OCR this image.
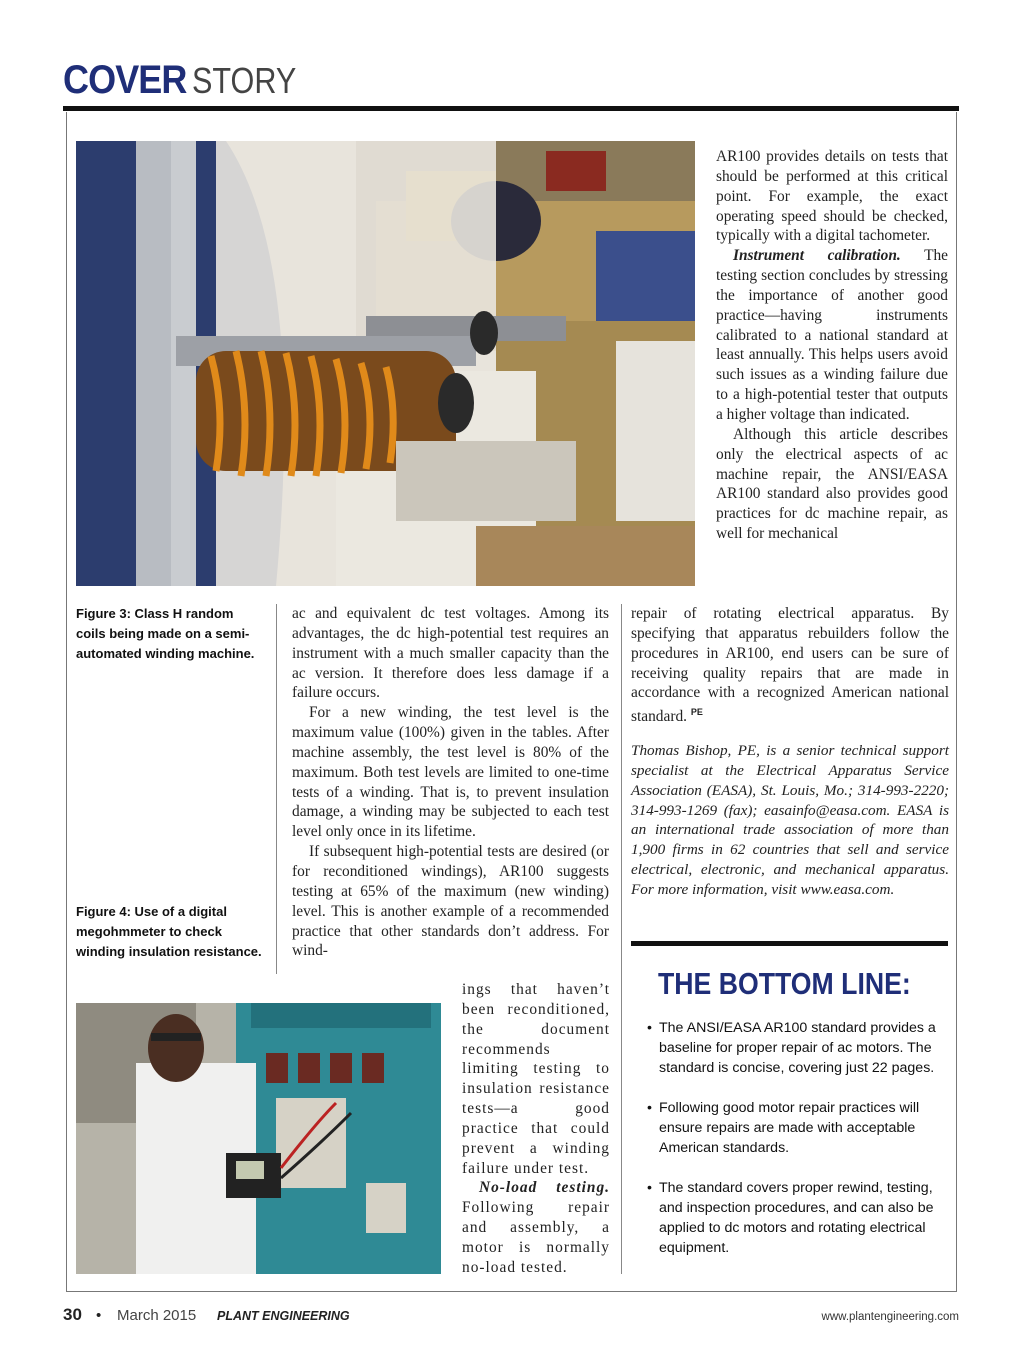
COVER STORY
Figure 3: Class H random coils being made on a semi-automated winding machine.
Figure 4: Use of a digital megohmmeter to check winding insulation resistance.

AR100 provides details on tests that should be performed at this critical point. For example, the exact operating speed should be checked, typically with a digital tachometer.

Instrument calibration. The testing section concludes by stressing the importance of another good practice—having instruments calibrated to a national standard at least annually. This helps users avoid such issues as a winding failure due to a high-potential tester that outputs a higher voltage than indicated.

Although this article describes only the electrical aspects of ac machine repair, the ANSI/EASA AR100 standard also provides good practices for dc machine repair, as well for mechanical

repair of rotating electrical apparatus. By specifying that apparatus rebuilders follow the procedures in AR100, end users can be sure of receiving quality repairs that are made in accordance with a recognized American national standard. $^{PE}$

ac and equivalent dc test voltages. Among its advantages, the dc high-potential test requires an instrument with a much smaller capacity than the ac version. It therefore does less damage if a failure occurs.

For a new winding, the test level is the maximum value (100%) given in the tables. After machine assembly, the test level is 80% of the maximum. Both test levels are limited to one-time tests of a winding. That is, to prevent insulation damage, a winding may be subjected to each test level only once in its lifetime.

If subsequent high-potential tests are desired (or for reconditioned windings), AR100 suggests testing at 65% of the maximum (new winding) level. This is another example of a recommended practice that other standards don’t address. For wind-

ings that haven’t been reconditioned, the document recommends limiting testing to insulation resistance tests—a good practice that could prevent a winding failure under test.

No-load testing. Following repair and assembly, a motor is normally no-load tested.

Thomas Bishop, PE, is a senior technical support specialist at the Electrical Apparatus Service Association (EASA), St. Louis, Mo.; 314-993-2220; 314-993-1269 (fax); easainfo@easa.com. EASA is an international trade association of more than 1,900 firms in 62 countries that sell and service electrical, electronic, and mechanical apparatus. For more information, visit www.easa.com.
THE BOTTOM LINE:
• The ANSI/EASA AR100 standard provides a baseline for proper repair of ac motors. The standard is concise, covering just 22 pages.
• Following good motor repair practices will ensure repairs are made with acceptable American standards.
• The standard covers proper rewind, testing, and inspection procedures, and can also be applied to dc motors and rotating electrical equipment.
30 • March 2015 PLANT ENGINEERING	www.plantengineering.com
